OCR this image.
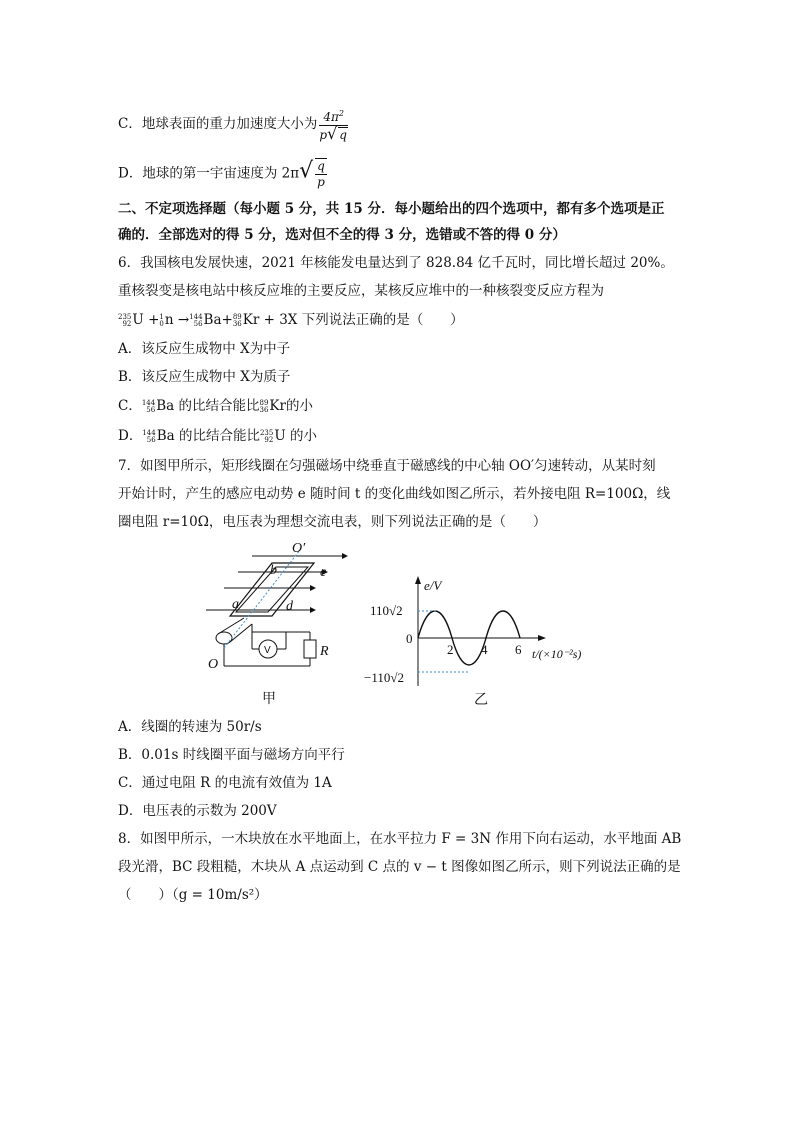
C．地球表面的重力加速度大小为 $\frac{4\pi^2}{p√ q}$
D．地球的第一宇宙速度为 $2\pi√ \frac{q}{p}$
二、不定项选择题（每小题 5 分，共 15 分．每小题给出的四个选项中，都有多个选项是正
确的．全部选对的得 5 分，选对但不全的得 3 分，选错或不答的得 0 分）
6．我国核电发展快速，2021 年核能发电量达到了 828.84 亿千瓦时，同比增长超过 20%。
重核裂变是核电站中核反应堆的主要反应，某核反应堆中的一种核裂变反应方程为
235
92 U + 1
0 n → 144
56 Ba+ 89
36 Kr + 3X 下列说法正确的是（　　）
A．该反应生成物中 X为中子
B．该反应生成物中 X为质子
C． 144
56 Ba 的比结合能比 89
36 Kr的小
D． 144
56 Ba 的比结合能比 235
92 U 的小
7．如图甲所示，矩形线圈在匀强磁场中绕垂直于磁感线的中心轴 OO′匀速转动，从某时刻
开始计时，产生的感应电动势 e 随时间 t 的变化曲线如图乙所示，若外接电阻 R=100Ω，线
圈电阻 r=10Ω，电压表为理想交流电表，则下列说法正确的是（　　）
O′
b	c
a	d
O
R
V
甲
e/V
110√2
0
−110√2
2 4 6 t/(×10⁻²s)
乙
A．线圈的转速为 50r/s
B．0.01s 时线圈平面与磁场方向平行
C．通过电阻 R 的电流有效值为 1A
D．电压表的示数为 200V
8．如图甲所示，一木块放在水平地面上，在水平拉力 F = 3N 作用下向右运动，水平地面 AB
段光滑，BC 段粗糙，木块从 A 点运动到 C 点的 v − t 图像如图乙所示，则下列说法正确的是
（　　）（g = 10m/s²）
